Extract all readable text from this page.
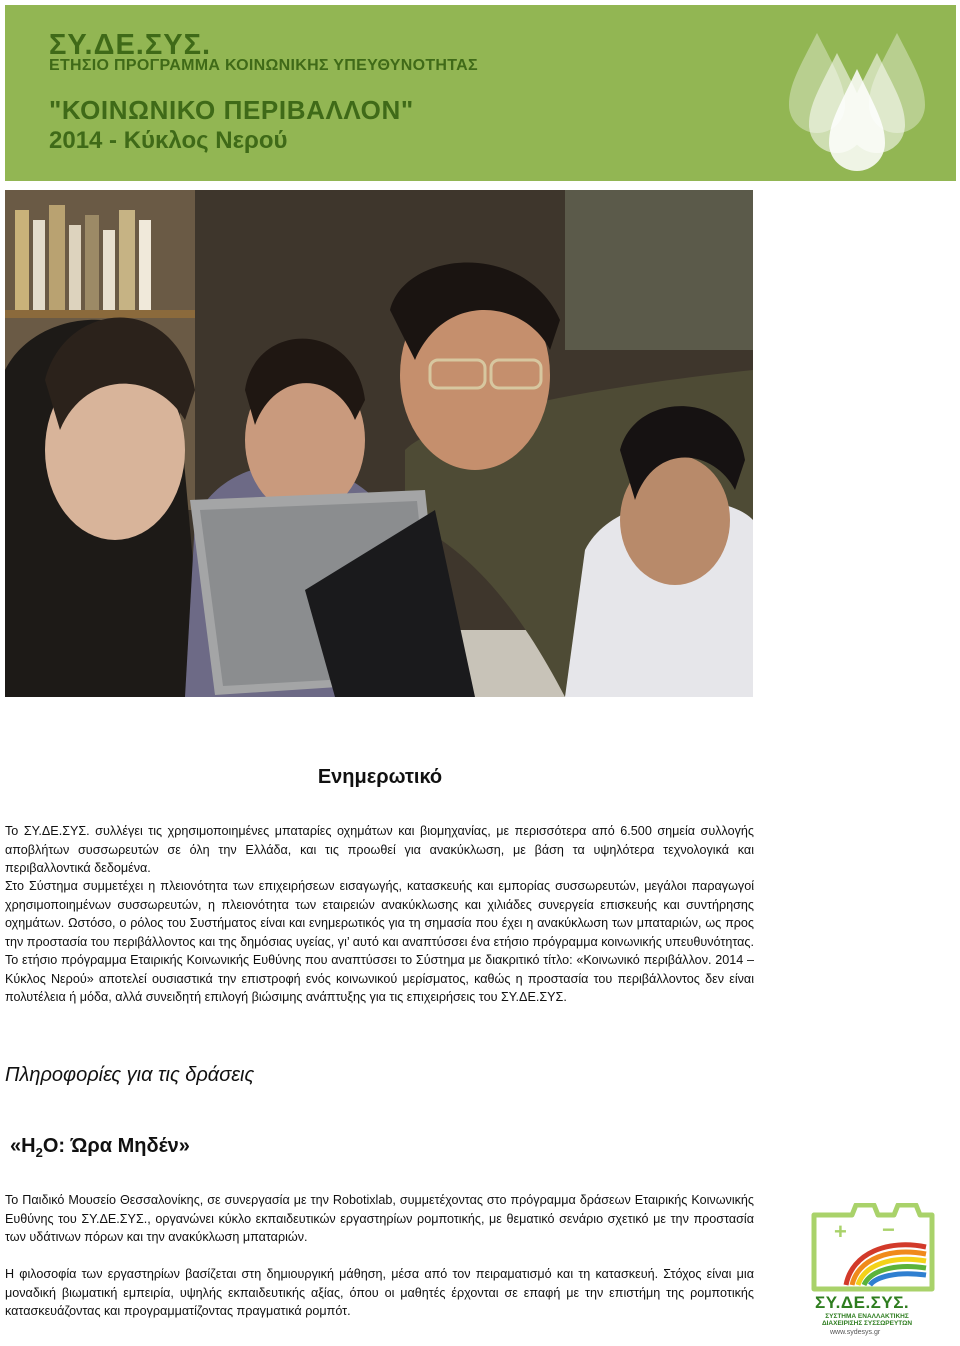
ΣΥ.ΔΕ.ΣΥΣ.

ΕΤΗΣΙΟ ΠΡΟΓΡΑΜΜΑ ΚΟΙΝΩΝΙΚΗΣ ΥΠΕΥΘΥΝΟΤΗΤΑΣ

"ΚΟΙΝΩΝΙΚΟ ΠΕΡΙΒΑΛΛΟΝ"

2014 - Κύκλος Νερού

Ενημερωτικό

Το ΣΥ.ΔΕ.ΣΥΣ. συλλέγει τις χρησιμοποιημένες μπαταρίες οχημάτων και βιομηχανίας, με περισσότερα από 6.500 σημεία συλλογής αποβλήτων συσσωρευτών σε όλη την Ελλάδα, και τις προωθεί για ανακύκλωση, με βάση τα υψηλότερα τεχνολογικά και περιβαλλοντικά δεδομένα.

Στο Σύστημα συμμετέχει η πλειονότητα των επιχειρήσεων εισαγωγής, κατασκευής και εμπορίας συσσωρευτών, μεγάλοι παραγωγοί χρησιμοποιημένων συσσωρευτών, η πλειονότητα των εταιρειών ανακύκλωσης και χιλιάδες συνεργεία επισκευής και συντήρησης οχημάτων. Ωστόσο, ο ρόλος του Συστήματος είναι και ενημερωτικός για τη σημασία που έχει η ανακύκλωση των μπαταριών, ως προς την προστασία του περιβάλλοντος και της δημόσιας υγείας, γι’ αυτό και αναπτύσσει ένα ετήσιο πρόγραμμα κοινωνικής υπευθυνότητας. Το ετήσιο πρόγραμμα Εταιρικής Κοινωνικής Ευθύνης που αναπτύσσει το Σύστημα με διακριτικό τίτλο: «Κοινωνικό περιβάλλον. 2014 – Κύκλος Νερού» αποτελεί ουσιαστικά την επιστροφή ενός κοινωνικού μερίσματος, καθώς η προστασία του περιβάλλοντος δεν είναι πολυτέλεια ή μόδα, αλλά συνειδητή επιλογή βιώσιμης ανάπτυξης για τις επιχειρήσεις του ΣΥ.ΔΕ.ΣΥΣ.

Πληροφορίες για τις δράσεις
«$H_2O$: Ώρα Μηδέν»

Το Παιδικό Μουσείο Θεσσαλονίκης, σε συνεργασία με την Robotixlab, συμμετέχοντας στο πρόγραμμα δράσεων Εταιρικής Κοινωνικής Ευθύνης του ΣΥ.ΔΕ.ΣΥΣ., οργανώνει κύκλο εκπαιδευτικών εργαστηρίων ρομποτικής, με θεματικό σενάριο σχετικό με την προστασία των υδάτινων πόρων και την ανακύκλωση μπαταριών.

Η φιλοσοφία των εργαστηρίων βασίζεται στη δημιουργική μάθηση, μέσα από τον πειραματισμό και τη κατασκευή. Στόχος είναι μια μοναδική βιωματική εμπειρία, υψηλής εκπαιδευτικής αξίας, όπου οι μαθητές έρχονται σε επαφή με την επιστήμη της ρομποτικής κατασκευάζοντας και προγραμματίζοντας πραγματικά ρομπότ.

+ −

ΣΥ.ΔΕ.ΣΥΣ.

ΣΥΣΤΗΜΑ ΕΝΑΛΛΑΚΤΙΚΗΣ ΔΙΑΧΕΙΡΙΣΗΣ ΣΥΣΣΩΡΕΥΤΩΝ

www.sydesys.gr
